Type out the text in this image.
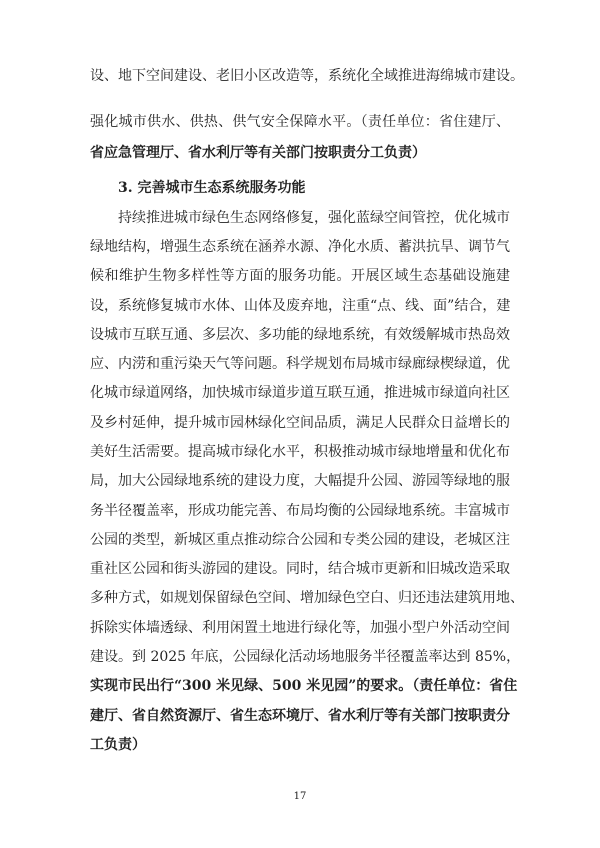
设、地下空间建设、老旧小区改造等，系统化全域推进海绵城市建设。
强化城市供水、供热、供气安全保障水平。（责任单位：省住建厅、
省应急管理厅、省水利厅等有关部门按职责分工负责）
3. 完善城市生态系统服务功能
持续推进城市绿色生态网络修复，强化蓝绿空间管控，优化城市
绿地结构，增强生态系统在涵养水源、净化水质、蓄洪抗旱、调节气
候和维护生物多样性等方面的服务功能。开展区域生态基础设施建
设，系统修复城市水体、山体及废弃地，注重“点、线、面”结合，建
设城市互联互通、多层次、多功能的绿地系统，有效缓解城市热岛效
应、内涝和重污染天气等问题。科学规划布局城市绿廊绿楔绿道，优
化城市绿道网络，加快城市绿道步道互联互通，推进城市绿道向社区
及乡村延伸，提升城市园林绿化空间品质，满足人民群众日益增长的
美好生活需要。提高城市绿化水平，积极推动城市绿地增量和优化布
局，加大公园绿地系统的建设力度，大幅提升公园、游园等绿地的服
务半径覆盖率，形成功能完善、布局均衡的公园绿地系统。丰富城市
公园的类型，新城区重点推动综合公园和专类公园的建设，老城区注
重社区公园和街头游园的建设。同时，结合城市更新和旧城改造采取
多种方式，如规划保留绿色空间、增加绿色空白、归还违法建筑用地、
拆除实体墙透绿、利用闲置土地进行绿化等，加强小型户外活动空间
建设。到 2025 年底，公园绿化活动场地服务半径覆盖率达到 85%，
实现市民出行“300 米见绿、500 米见园”的要求。（责任单位：省住
建厅、省自然资源厅、省生态环境厅、省水利厅等有关部门按职责分
工负责）
17
